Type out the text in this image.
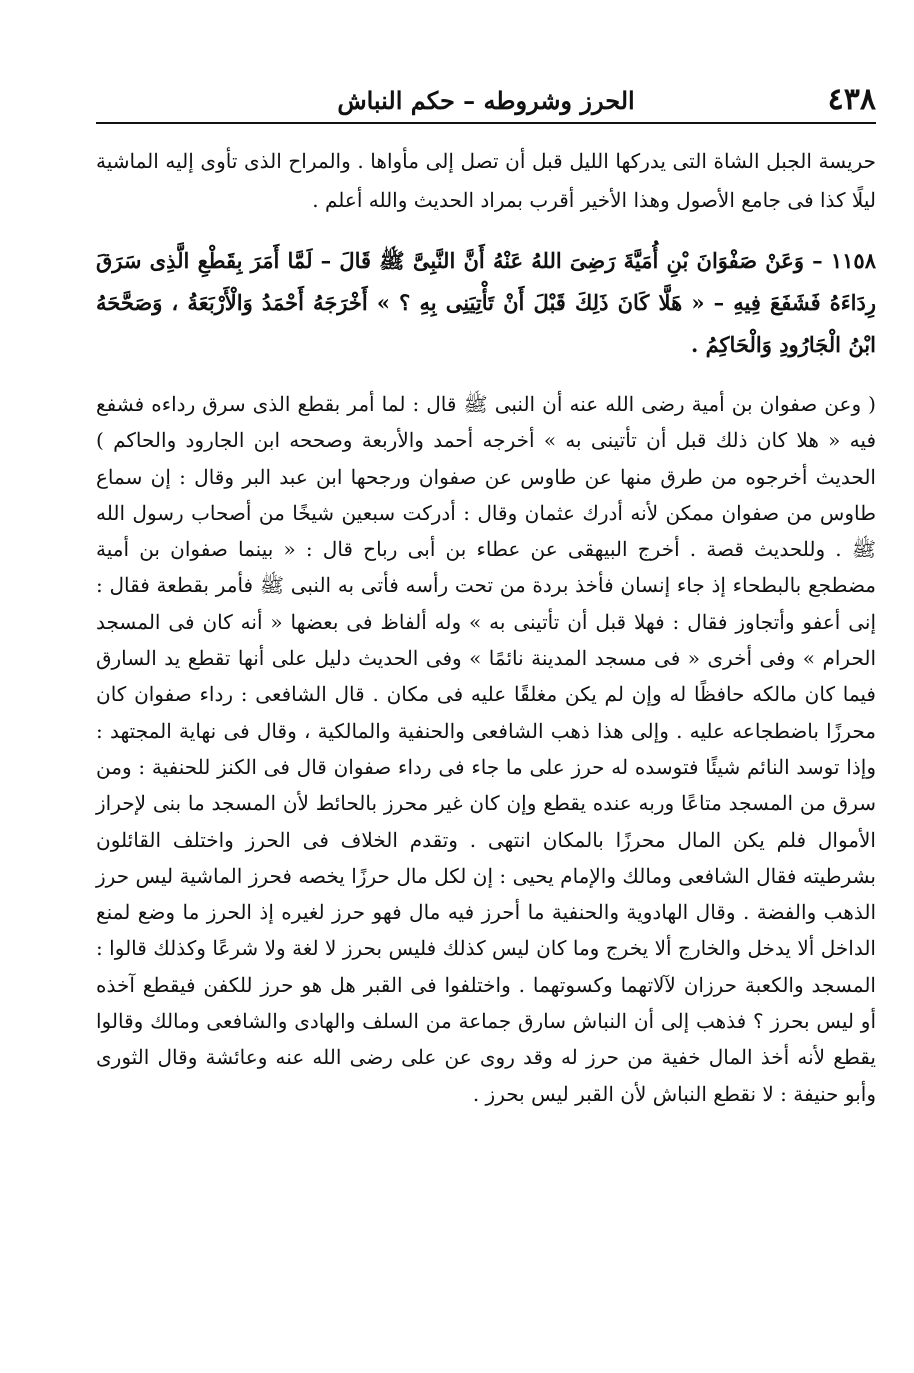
٤٣٨
الحرز وشروطه – حكم النباش

حريسة الجبل الشاة التى يدركها الليل قبل أن تصل إلى مأواها . والمراح الذى تأوى إليه الماشية ليلًا كذا فى جامع الأصول وهذا الأخير أقرب بمراد الحديث والله أعلم .

١١٥٨ – وَعَنْ صَفْوَانَ بْنِ أُمَيَّةَ رَضِىَ اللهُ عَنْهُ أَنَّ النَّبِىَّ ﷺ قَالَ – لَمَّا أَمَرَ بِقَطْعِ الَّذِى سَرَقَ رِدَاءَهُ فَشَفَعَ فِيهِ – « هَلَّا كَانَ ذَلِكَ قَبْلَ أَنْ تَأْتِيَنِى بِهِ ؟ » أَخْرَجَهُ أَحْمَدُ وَالْأَرْبَعَةُ ، وَصَحَّحَهُ ابْنُ الْجَارُودِ وَالْحَاكِمُ .

( وعن صفوان بن أمية رضى الله عنه أن النبى ﷺ قال : لما أمر بقطع الذى سرق رداءه فشفع فيه « هلا كان ذلك قبل أن تأتينى به » أخرجه أحمد والأربعة وصححه ابن الجارود والحاكم ) الحديث أخرجوه من طرق منها عن طاوس عن صفوان ورجحها ابن عبد البر وقال : إن سماع طاوس من صفوان ممكن لأنه أدرك عثمان وقال : أدركت سبعين شيخًا من أصحاب رسول الله ﷺ . وللحديث قصة . أخرج البيهقى عن عطاء بن أبى رباح قال : « بينما صفوان بن أمية مضطجع بالبطحاء إذ جاء إنسان فأخذ بردة من تحت رأسه فأتى به النبى ﷺ فأمر بقطعة فقال : إنى أعفو وأتجاوز فقال : فهلا قبل أن تأتينى به » وله ألفاظ فى بعضها « أنه كان فى المسجد الحرام » وفى أخرى « فى مسجد المدينة نائمًا » وفى الحديث دليل على أنها تقطع يد السارق فيما كان مالكه حافظًا له وإن لم يكن مغلقًا عليه فى مكان . قال الشافعى : رداء صفوان كان محرزًا باضطجاعه عليه . وإلى هذا ذهب الشافعى والحنفية والمالكية ، وقال فى نهاية المجتهد : وإذا توسد النائم شيئًا فتوسده له حرز على ما جاء فى رداء صفوان قال فى الكنز للحنفية : ومن سرق من المسجد متاعًا وربه عنده يقطع وإن كان غير محرز بالحائط لأن المسجد ما بنى لإحراز الأموال فلم يكن المال محرزًا بالمكان انتهى . وتقدم الخلاف فى الحرز واختلف القائلون بشرطيته فقال الشافعى ومالك والإمام يحيى : إن لكل مال حرزًا يخصه فحرز الماشية ليس حرز الذهب والفضة . وقال الهادوية والحنفية ما أحرز فيه مال فهو حرز لغيره إذ الحرز ما وضع لمنع الداخل ألا يدخل والخارج ألا يخرج وما كان ليس كذلك فليس بحرز لا لغة ولا شرعًا وكذلك قالوا : المسجد والكعبة حرزان لآلاتهما وكسوتهما . واختلفوا فى القبر هل هو حرز للكفن فيقطع آخذه أو ليس بحرز ؟ فذهب إلى أن النباش سارق جماعة من السلف والهادى والشافعى ومالك وقالوا يقطع لأنه أخذ المال خفية من حرز له وقد روى عن على رضى الله عنه وعائشة وقال الثورى وأبو حنيفة : لا نقطع النباش لأن القبر ليس بحرز .
